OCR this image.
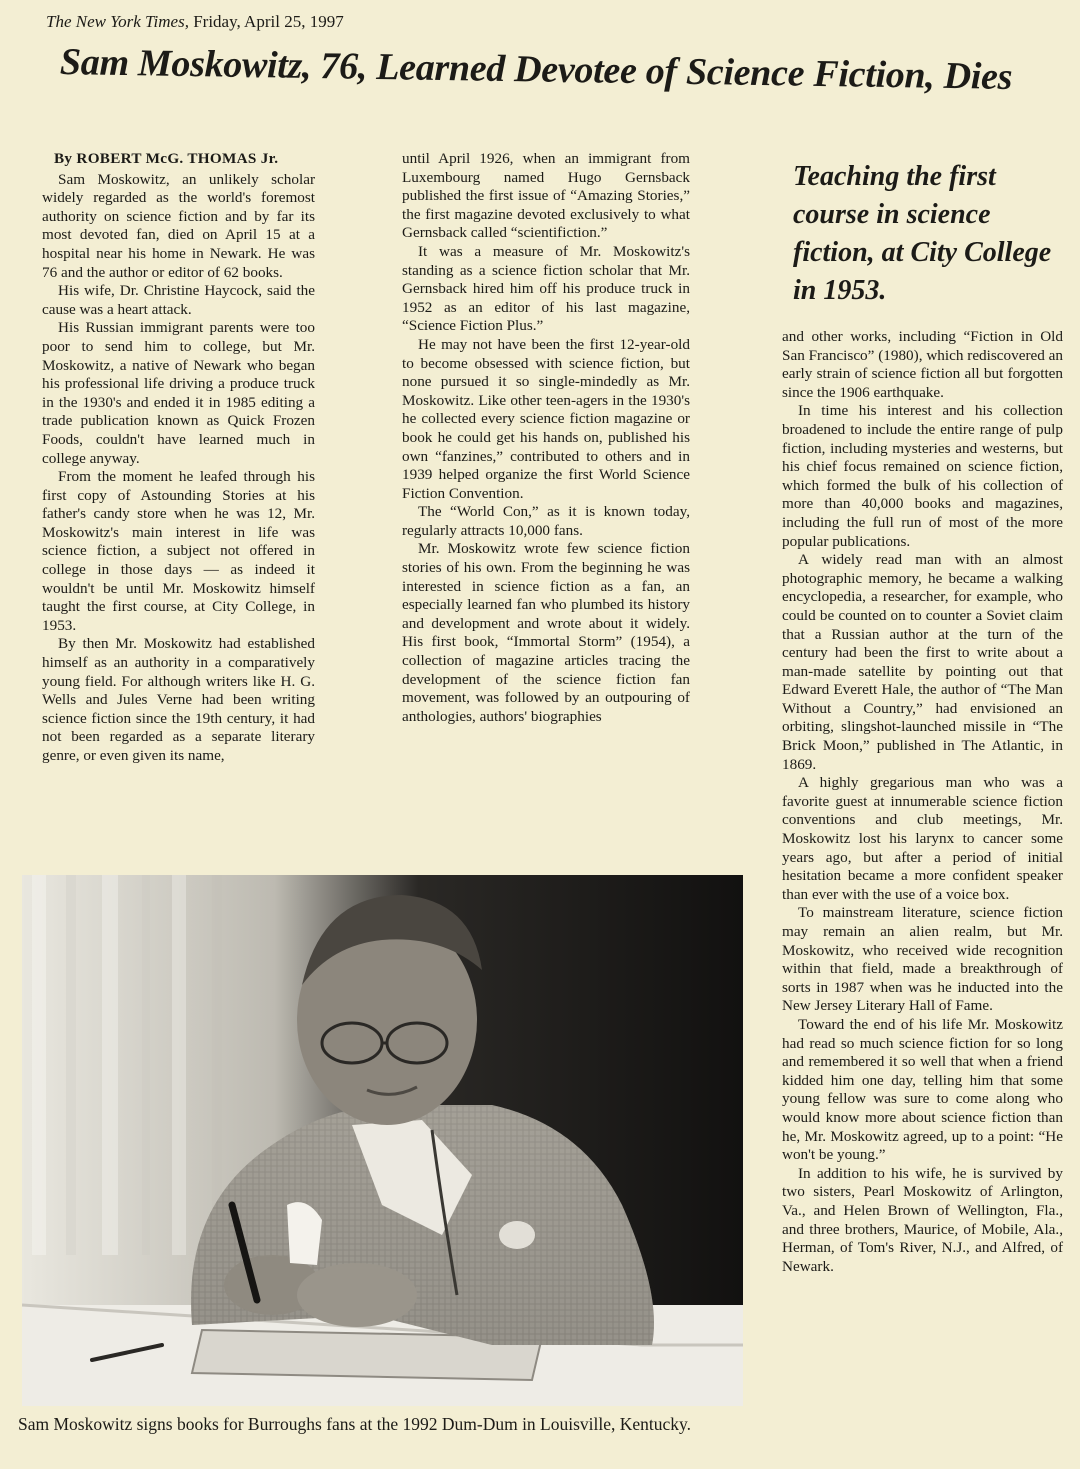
The New York Times, Friday, April 25, 1997
Sam Moskowitz, 76, Learned Devotee of Science Fiction, Dies

By ROBERT McG. THOMAS Jr.

Sam Moskowitz, an unlikely scholar widely regarded as the world's foremost authority on science fiction and by far its most devoted fan, died on April 15 at a hospital near his home in Newark. He was 76 and the author or editor of 62 books.

His wife, Dr. Christine Haycock, said the cause was a heart attack.

His Russian immigrant parents were too poor to send him to college, but Mr. Moskowitz, a native of Newark who began his professional life driving a produce truck in the 1930's and ended it in 1985 editing a trade publication known as Quick Frozen Foods, couldn't have learned much in college anyway.

From the moment he leafed through his first copy of Astounding Stories at his father's candy store when he was 12, Mr. Moskowitz's main interest in life was science fiction, a subject not offered in college in those days — as indeed it wouldn't be until Mr. Moskowitz himself taught the first course, at City College, in 1953.

By then Mr. Moskowitz had established himself as an authority in a comparatively young field. For although writers like H. G. Wells and Jules Verne had been writing science fiction since the 19th century, it had not been regarded as a separate literary genre, or even given its name,

until April 1926, when an immigrant from Luxembourg named Hugo Gernsback published the first issue of “Amazing Stories,” the first magazine devoted exclusively to what Gernsback called “scientifiction.”

It was a measure of Mr. Moskowitz's standing as a science fiction scholar that Mr. Gernsback hired him off his produce truck in 1952 as an editor of his last magazine, “Science Fiction Plus.”

He may not have been the first 12-year-old to become obsessed with science fiction, but none pursued it so single-mindedly as Mr. Moskowitz. Like other teen-agers in the 1930's he collected every science fiction magazine or book he could get his hands on, published his own “fanzines,” contributed to others and in 1939 helped organize the first World Science Fiction Convention.

The “World Con,” as it is known today, regularly attracts 10,000 fans.

Mr. Moskowitz wrote few science fiction stories of his own. From the beginning he was interested in science fiction as a fan, an especially learned fan who plumbed its history and development and wrote about it widely. His first book, “Immortal Storm” (1954), a collection of magazine articles tracing the development of the science fiction fan movement, was followed by an outpouring of anthologies, authors' biographies

Teaching the first course in science fiction, at City College in 1953.

and other works, including “Fiction in Old San Francisco” (1980), which rediscovered an early strain of science fiction all but forgotten since the 1906 earthquake.

In time his interest and his collection broadened to include the entire range of pulp fiction, including mysteries and westerns, but his chief focus remained on science fiction, which formed the bulk of his collection of more than 40,000 books and magazines, including the full run of most of the more popular publications.

A widely read man with an almost photographic memory, he became a walking encyclopedia, a researcher, for example, who could be counted on to counter a Soviet claim that a Russian author at the turn of the century had been the first to write about a man-made satellite by pointing out that Edward Everett Hale, the author of “The Man Without a Country,” had envisioned an orbiting, slingshot-launched missile in “The Brick Moon,” published in The Atlantic, in 1869.

A highly gregarious man who was a favorite guest at innumerable science fiction conventions and club meetings, Mr. Moskowitz lost his larynx to cancer some years ago, but after a period of initial hesitation became a more confident speaker than ever with the use of a voice box.

To mainstream literature, science fiction may remain an alien realm, but Mr. Moskowitz, who received wide recognition within that field, made a breakthrough of sorts in 1987 when was he inducted into the New Jersey Literary Hall of Fame.

Toward the end of his life Mr. Moskowitz had read so much science fiction for so long and remembered it so well that when a friend kidded him one day, telling him that some young fellow was sure to come along who would know more about science fiction than he, Mr. Moskowitz agreed, up to a point: “He won't be young.”

In addition to his wife, he is survived by two sisters, Pearl Moskowitz of Arlington, Va., and Helen Brown of Wellington, Fla., and three brothers, Maurice, of Mobile, Ala., Herman, of Tom's River, N.J., and Alfred, of Newark.

Sam Moskowitz signs books for Burroughs fans at the 1992 Dum-Dum in Louisville, Kentucky.
